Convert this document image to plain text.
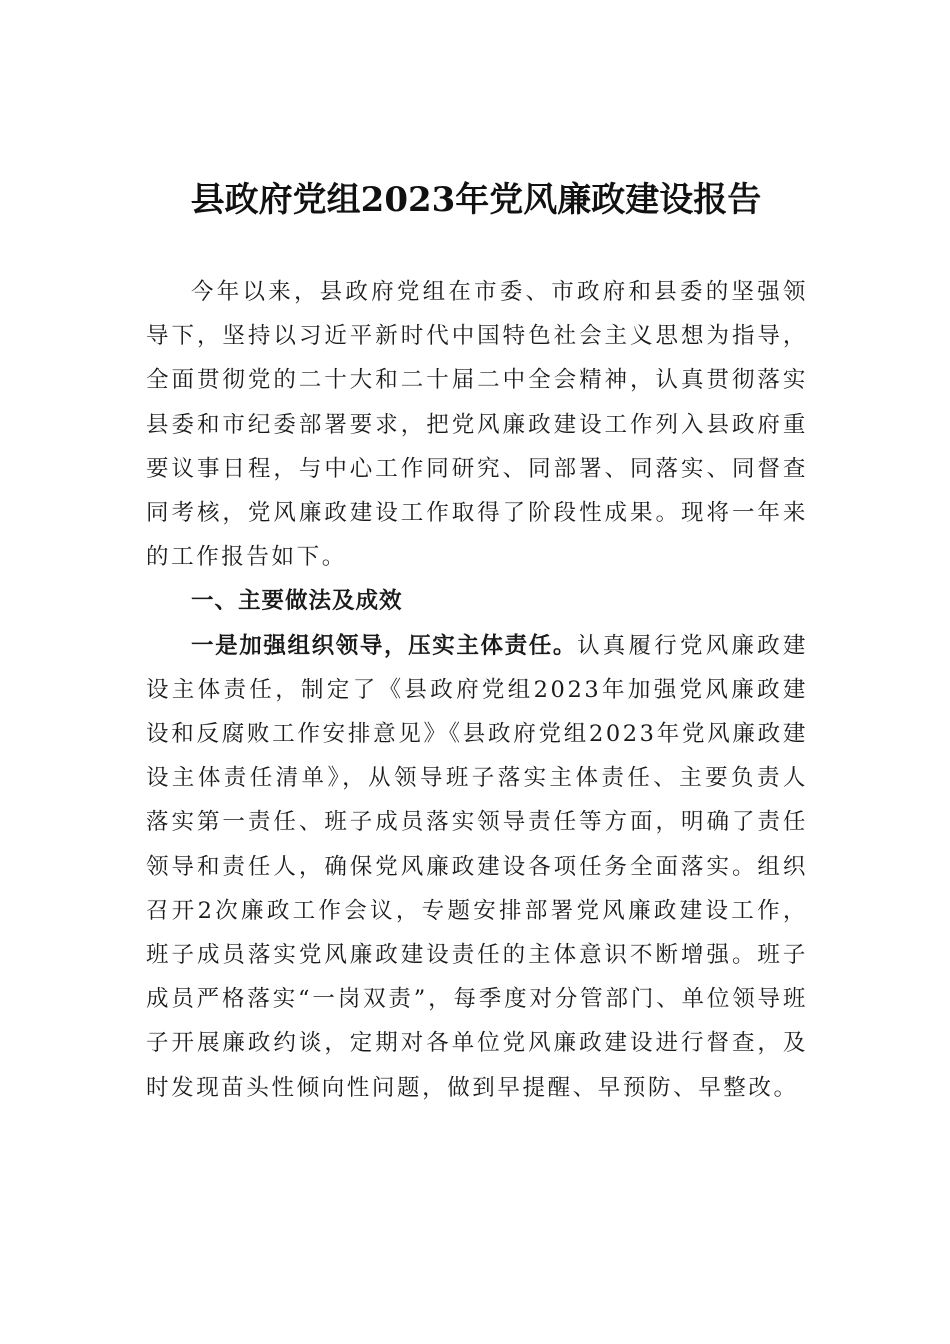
县政府党组2023年党风廉政建设报告

今年以来，县政府党组在市委、市政府和县委的坚强领导下，坚持以习近平新时代中国特色社会主义思想为指导，全面贯彻党的二十大和二十届二中全会精神，认真贯彻落实县委和市纪委部署要求，把党风廉政建设工作列入县政府重要议事日程，与中心工作同研究、同部署、同落实、同督查同考核，党风廉政建设工作取得了阶段性成果。现将一年来的工作报告如下。

一、主要做法及成效

一是加强组织领导，压实主体责任。认真履行党风廉政建设主体责任，制定了《县政府党组2023年加强党风廉政建设和反腐败工作安排意见》《县政府党组2023年党风廉政建设主体责任清单》，从领导班子落实主体责任、主要负责人落实第一责任、班子成员落实领导责任等方面，明确了责任领导和责任人，确保党风廉政建设各项任务全面落实。组织召开2次廉政工作会议，专题安排部署党风廉政建设工作，班子成员落实党风廉政建设责任的主体意识不断增强。班子成员严格落实“一岗双责”，每季度对分管部门、单位领导班子开展廉政约谈，定期对各单位党风廉政建设进行督查，及时发现苗头性倾向性问题，做到早提醒、早预防、早整改。
